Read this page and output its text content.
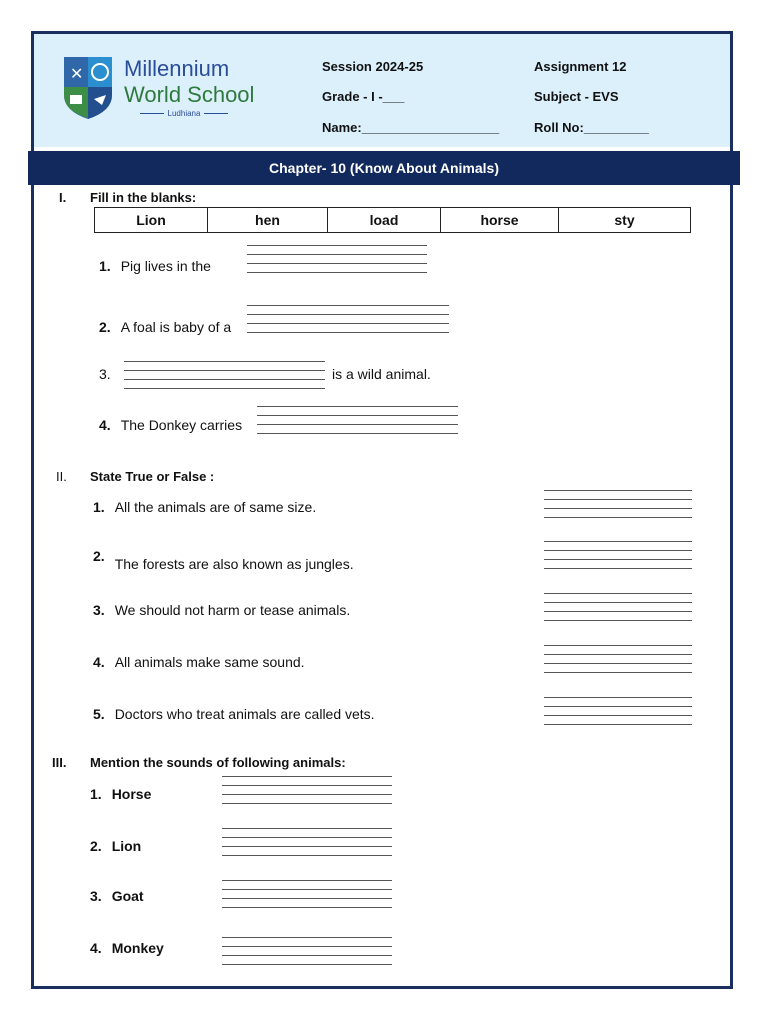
✕ Millennium
World School
Ludhiana
Session 2024-25
Grade - I -___
Name:___________________
Assignment 12
Subject - EVS
Roll No:_________
Chapter- 10 (Know About Animals)
I. Fill in the blanks:
Lion	hen	load	horse	sty
1. Pig lives in the
2. A foal is baby of a
3.	is a wild animal.
4. The Donkey carries
II. State True or False :
1. All the animals are of same size.
2. The forests are also known as jungles.
3. We should not harm or tease animals.
4. All animals make same sound.
5. Doctors who treat animals are called vets.
III. Mention the sounds of following animals:
1. Horse
2. Lion
3. Goat
4. Monkey
